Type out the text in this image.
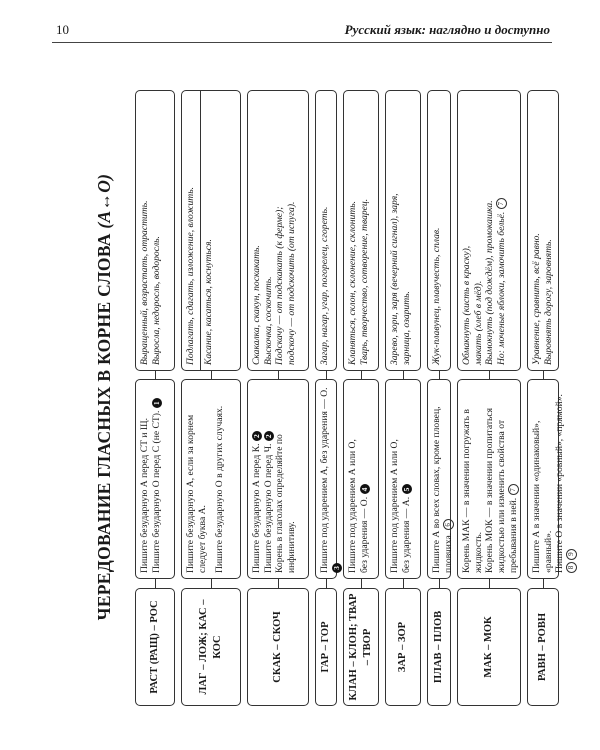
10	Русский язык: наглядно и доступно
ЧЕРЕДОВАНИЕ ГЛАСНЫХ В КОРНЕ СЛОВА (А↔О)
РАСТ (РАЩ) – РОС
Пишите безударную А перед СТ и Щ. Пишите безударную О перед С (не СТ). 1
Выращенный, возрастать, отрастить. Выросла, недоросль, водоросль.
ЛАГ – ЛОЖ; КАС – КОС
Пишите безударную А, если за корнем следует буква А. Пишите безударную О в других случаях.
Подлагать, сдагать, изложение, вложить. Касание, касаться, коснуться.
СКАК – СКОЧ
Пишите безударную А перед К. 2
Пишите безударную О перед Ч. 2 Корень в глаголах определяйте по инфинитиву.
Скакалка, скакун, поскакать. Выскочка, соскочить. Подскачу — от подскакать (к ферме); подскочу — от подскочить (от испуга).
ГАР – ГОР
Пишите под ударением А, без ударения — О. 3
Загар, нагар, угар, погорелец, сгореть.
КЛАН – КЛОН; ТВАР – ТВОР
Пишите под ударением А или О, без ударения — О. 4
Кланяться, склон, склонение, склонить. Тварь, творчество, сотворение, тварец.
ЗАР – ЗОР
Пишите под ударением А или О, без ударения — А. 5
Зарево, зори, заря (вечерний сигнал), заря, зарница, озарить.
ПЛАВ – ПЛОВ
Пишите А во всех словах, кроме пловец, пловчиха. 6
Жук-плавунец, плавучесть, сплав.
МАК – МОК
Корень МАК — в значении погружать в жидкость. Корень МОК — в значении пропитаться жидкостью или изменить свойства от пребывания в ней. 7
Обмакнуть (кисть в краску), макать (хлеб в мёд). Вымокнуть (под дождём), промокашка. Но: моченые яблоки, замочить бельё. 7
РАВН – РОВН
Пишите А в значении «одинаковый», «равный». Пишите О в значении «ровный», «прямой». 8 9
Уравнение, сравнить, всё равно. Выровнять дорогу, заровнять.
